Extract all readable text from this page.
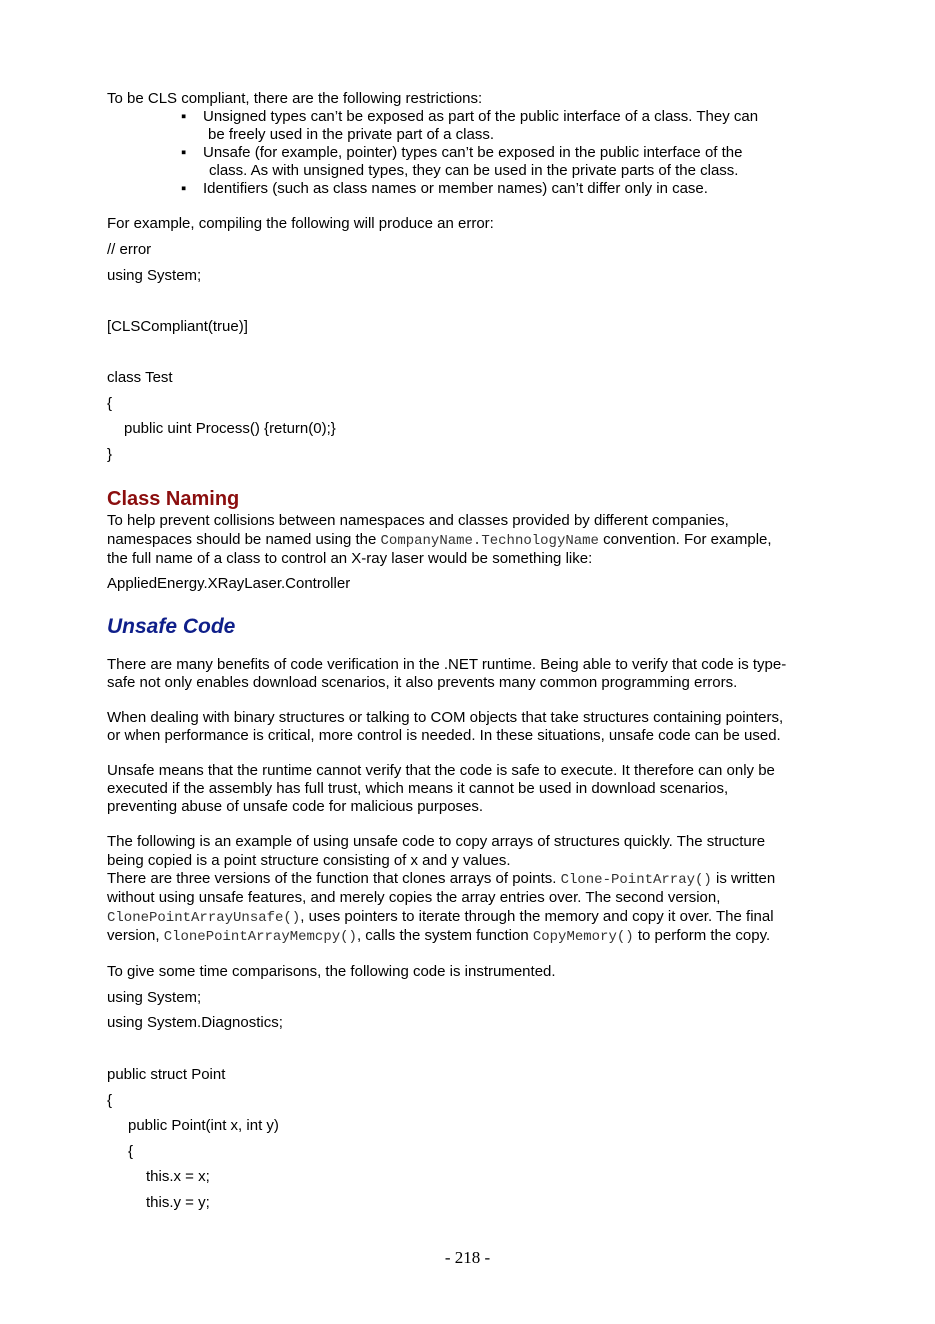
To be CLS compliant, there are the following restrictions:
▪ Unsigned types can’t be exposed as part of the public interface of a class. They can
be freely used in the private part of a class.
▪ Unsafe (for example, pointer) types can’t be exposed in the public interface of the
class. As with unsigned types, they can be used in the private parts of the class.
▪ Identifiers (such as class names or member names) can’t differ only in case.
For example, compiling the following will produce an error:
// error
using System;
[CLSCompliant(true)]
class Test
{
public uint Process() {return(0);}
}
Class Naming
To help prevent collisions between namespaces and classes provided by different companies,
namespaces should be named using the CompanyName.TechnologyName convention. For example,
the full name of a class to control an X-ray laser would be something like:
AppliedEnergy.XRayLaser.Controller
Unsafe Code
There are many benefits of code verification in the .NET runtime. Being able to verify that code is type-
safe not only enables download scenarios, it also prevents many common programming errors.
When dealing with binary structures or talking to COM objects that take structures containing pointers,
or when performance is critical, more control is needed. In these situations, unsafe code can be used.
Unsafe means that the runtime cannot verify that the code is safe to execute. It therefore can only be
executed if the assembly has full trust, which means it cannot be used in download scenarios,
preventing abuse of unsafe code for malicious purposes.
The following is an example of using unsafe code to copy arrays of structures quickly. The structure
being copied is a point structure consisting of x and y values.
There are three versions of the function that clones arrays of points. Clone-PointArray() is written
without using unsafe features, and merely copies the array entries over. The second version,
ClonePointArrayUnsafe(), uses pointers to iterate through the memory and copy it over. The final
version, ClonePointArrayMemcpy(), calls the system function CopyMemory() to perform the copy.
To give some time comparisons, the following code is instrumented.
using System;
using System.Diagnostics;
public struct Point
{
public Point(int x, int y)
{
this.x = x;
this.y = y;
- 218 -
